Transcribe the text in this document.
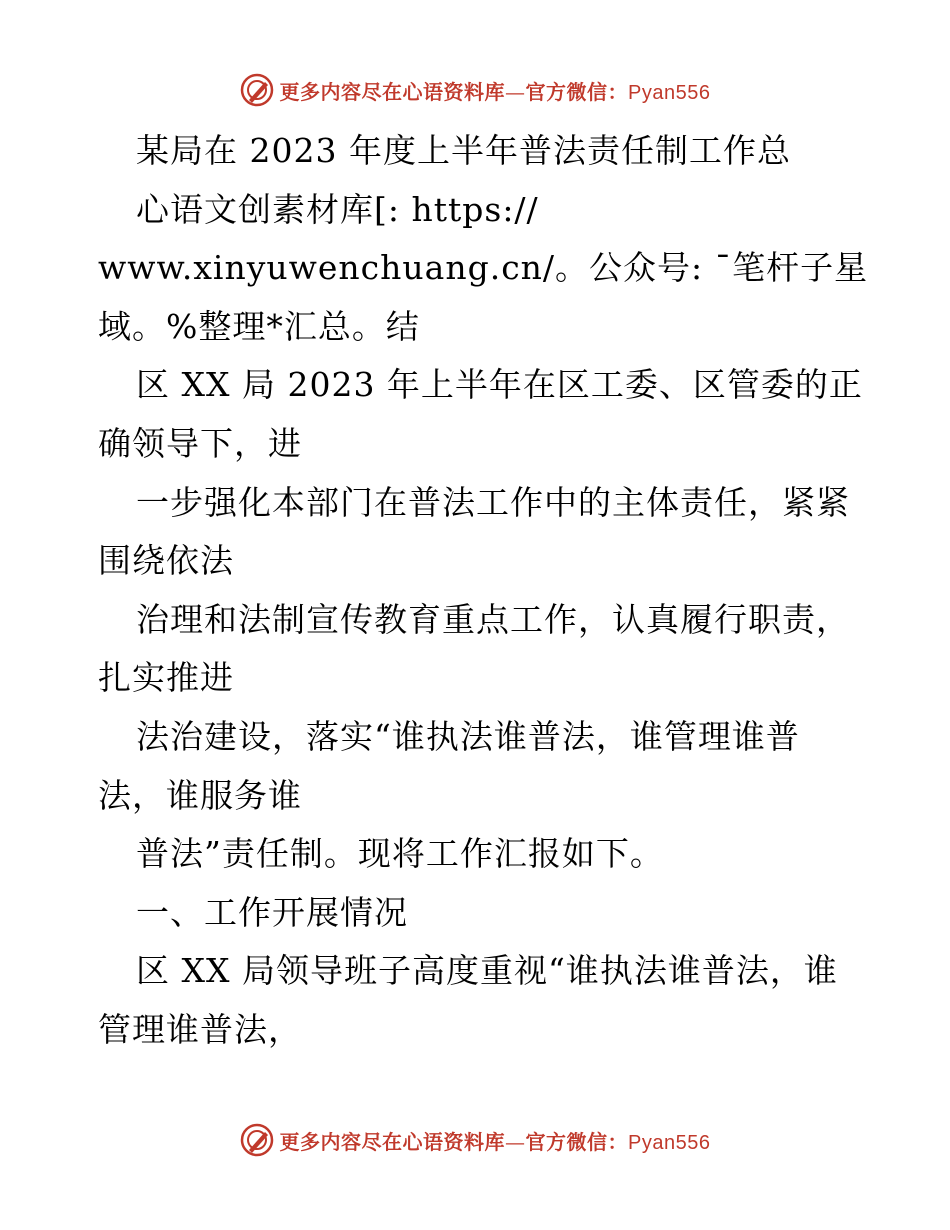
更多内容尽在心语资料库—官方微信：Pyan556
某局在 2023 年度上半年普法责任制工作总
心语文创素材库[: https://
www.xinyuwenchuang.cn/。公众号: ¯笔杆子星
域。%整理*汇总。结
区 XX 局 2023 年上半年在区工委、区管委的正
确领导下，进
一步强化本部门在普法工作中的主体责任，紧紧
围绕依法
治理和法制宣传教育重点工作，认真履行职责，
扎实推进
法治建设，落实“谁执法谁普法，谁管理谁普
法，谁服务谁
普法”责任制。现将工作汇报如下。
一、工作开展情况
区 XX 局领导班子高度重视“谁执法谁普法，谁
管理谁普法，
更多内容尽在心语资料库—官方微信：Pyan556
